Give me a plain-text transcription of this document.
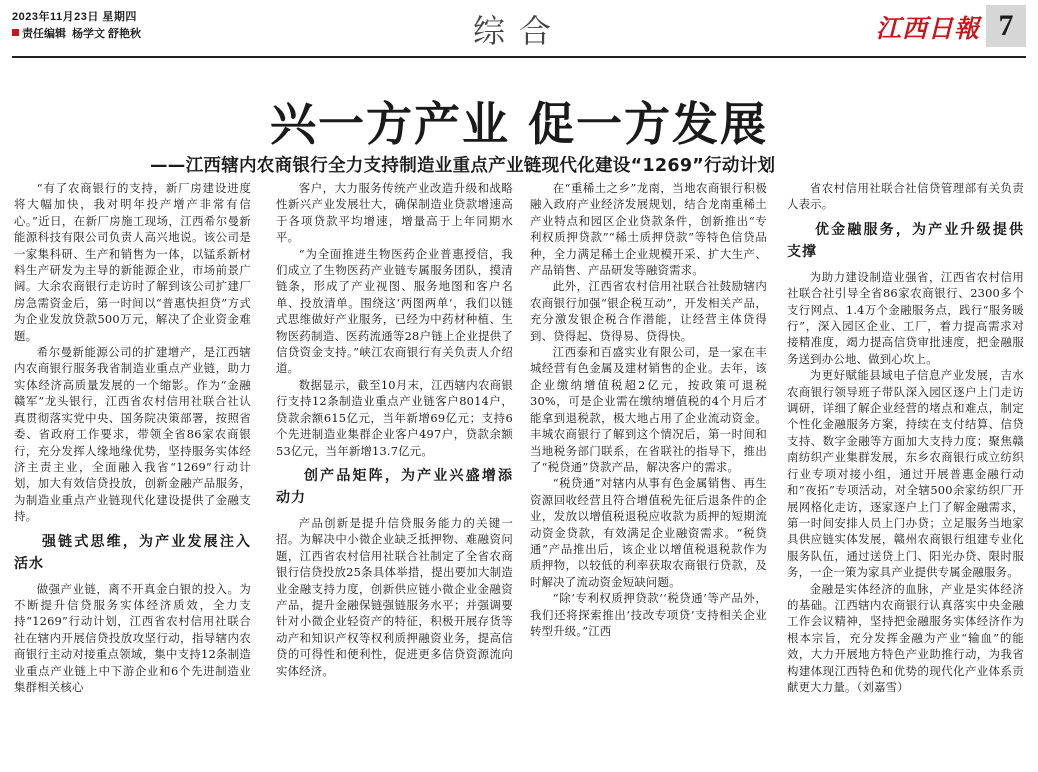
2023年11月23日 星期四
责任编辑 杨学文 舒艳秋	综合	江西日報 7
兴一方产业 促一方发展
——江西辖内农商银行全力支持制造业重点产业链现代化建设“1269”行动计划

“有了农商银行的支持，新厂房建设进度将大幅加快，我对明年投产增产非常有信心。”近日，在新厂房施工现场，江西希尔曼新能源科技有限公司负责人高兴地说。该公司是一家集科研、生产和销售为一体，以锰系新材料生产研发为主导的新能源企业，市场前景广阔。大余农商银行走访时了解到该公司扩建厂房急需资金后，第一时间以“普惠快担贷”方式为企业发放贷款500万元，解决了企业资金难题。

希尔曼新能源公司的扩建增产，是江西辖内农商银行服务我省制造业重点产业链，助力实体经济高质量发展的一个缩影。作为“金融赣军”龙头银行，江西省农村信用社联合社认真贯彻落实党中央、国务院决策部署，按照省委、省政府工作要求，带领全省86家农商银行，充分发挥人缘地缘优势，坚持服务实体经济主责主业，全面融入我省“1269”行动计划，加大有效信贷投放，创新金融产品服务，为制造业重点产业链现代化建设提供了金融支持。

强链式思维，为产业发展注入活水

做强产业链，离不开真金白银的投入。为不断提升信贷服务实体经济质效，全力支持“1269”行动计划，江西省农村信用社联合社在辖内开展信贷投放攻坚行动，指导辖内农商银行主动对接重点领域，集中支持12条制造业重点产业链上中下游企业和6个先进制造业集群相关核心

客户，大力服务传统产业改造升级和战略性新兴产业发展壮大，确保制造业贷款增速高于各项贷款平均增速，增量高于上年同期水平。

“为全面推进生物医药企业普惠授信，我们成立了生物医药产业链专属服务团队，摸清链条，形成了产业视图、服务地图和客户名单、投放清单。围绕这‘两图两单’，我们以链式思维做好产业服务，已经为中药材种植、生物医药制造、医药流通等28户链上企业提供了信贷资金支持。”峡江农商银行有关负责人介绍道。

数据显示，截至10月末，江西辖内农商银行支持12条制造业重点产业链客户8014户，贷款余额615亿元，当年新增69亿元；支持6个先进制造业集群企业客户497户，贷款余额53亿元，当年新增13.7亿元。

创产品矩阵，为产业兴盛增添动力

产品创新是提升信贷服务能力的关键一招。为解决中小微企业缺乏抵押物、难融资问题，江西省农村信用社联合社制定了全省农商银行信贷投放25条具体举措，提出要加大制造业金融支持力度，创新供应链小微企业金融资产品，提升金融保链强链服务水平；并强调要针对小微企业轻资产的特征，积极开展存货等动产和知识产权等权利质押融资业务，提高信贷的可得性和便利性，促进更多信贷资源流向实体经济。

在“重稀土之乡”龙南，当地农商银行积极融入政府产业经济发展规划，结合龙南重稀土产业特点和园区企业贷款条件，创新推出“专利权质押贷款”“稀土质押贷款”等特色信贷品种，全力满足稀土企业规模开采、扩大生产、产品销售、产品研发等融资需求。

此外，江西省农村信用社联合社鼓励辖内农商银行加强“银企税互动”，开发相关产品，充分激发银企税合作潜能，让经营主体贷得到、贷得起、贷得易、贷得快。

江西泰和百盛实业有限公司，是一家在丰城经营有色金属及建材销售的企业。去年，该企业缴纳增值税超2亿元，按政策可退税30%，可是企业需在缴纳增值税的4个月后才能拿到退税款，极大地占用了企业流动资金。丰城农商银行了解到这个情况后，第一时间和当地税务部门联系，在省联社的指导下，推出了“税贷通”贷款产品，解决客户的需求。

“税贷通”对辖内从事有色金属销售、再生资源回收经营且符合增值税先征后退条件的企业，发放以增值税退税应收款为质押的短期流动资金贷款，有效满足企业融资需求。“税贷通”产品推出后，该企业以增值税退税款作为质押物，以较低的利率获取农商银行贷款，及时解决了流动资金短缺问题。

“除‘专利权质押贷款’‘税贷通’等产品外，我们还将探索推出‘技改专项贷’支持相关企业转型升级。”江西

省农村信用社联合社信贷管理部有关负责人表示。

优金融服务，为产业升级提供支撑

为助力建设制造业强省，江西省农村信用社联合社引导全省86家农商银行、2300多个支行网点、1.4万个金融服务点，践行“服务暖行”，深入园区企业、工厂，着力提高需求对接精准度，竭力提高信贷审批速度，把金融服务送到办公地、做到心坎上。

为更好赋能县域电子信息产业发展，吉水农商银行领导班子带队深入园区逐户上门走访调研，详细了解企业经营的堵点和难点，制定个性化金融服务方案，持续在支付结算、信贷支持、数字金融等方面加大支持力度；聚焦赣南纺织产业集群发展，东乡农商银行成立纺织行业专项对接小组，通过开展普惠金融行动和“夜拓”专项活动，对全辖500余家纺织厂开展网格化走访，逐家逐户上门了解金融需求，第一时间安排人员上门办贷；立足服务当地家具供应链实体发展，赣州农商银行组建专业化服务队伍，通过送贷上门、阳光办贷、限时服务，一企一策为家具产业提供专属金融服务。

金融是实体经济的血脉，产业是实体经济的基础。江西辖内农商银行认真落实中央金融工作会议精神，坚持把金融服务实体经济作为根本宗旨，充分发挥金融为产业“输血”的能效，大力开展地方特色产业助推行动，为我省构建体现江西特色和优势的现代化产业体系贡献更大力量。（刘嘉雪）
